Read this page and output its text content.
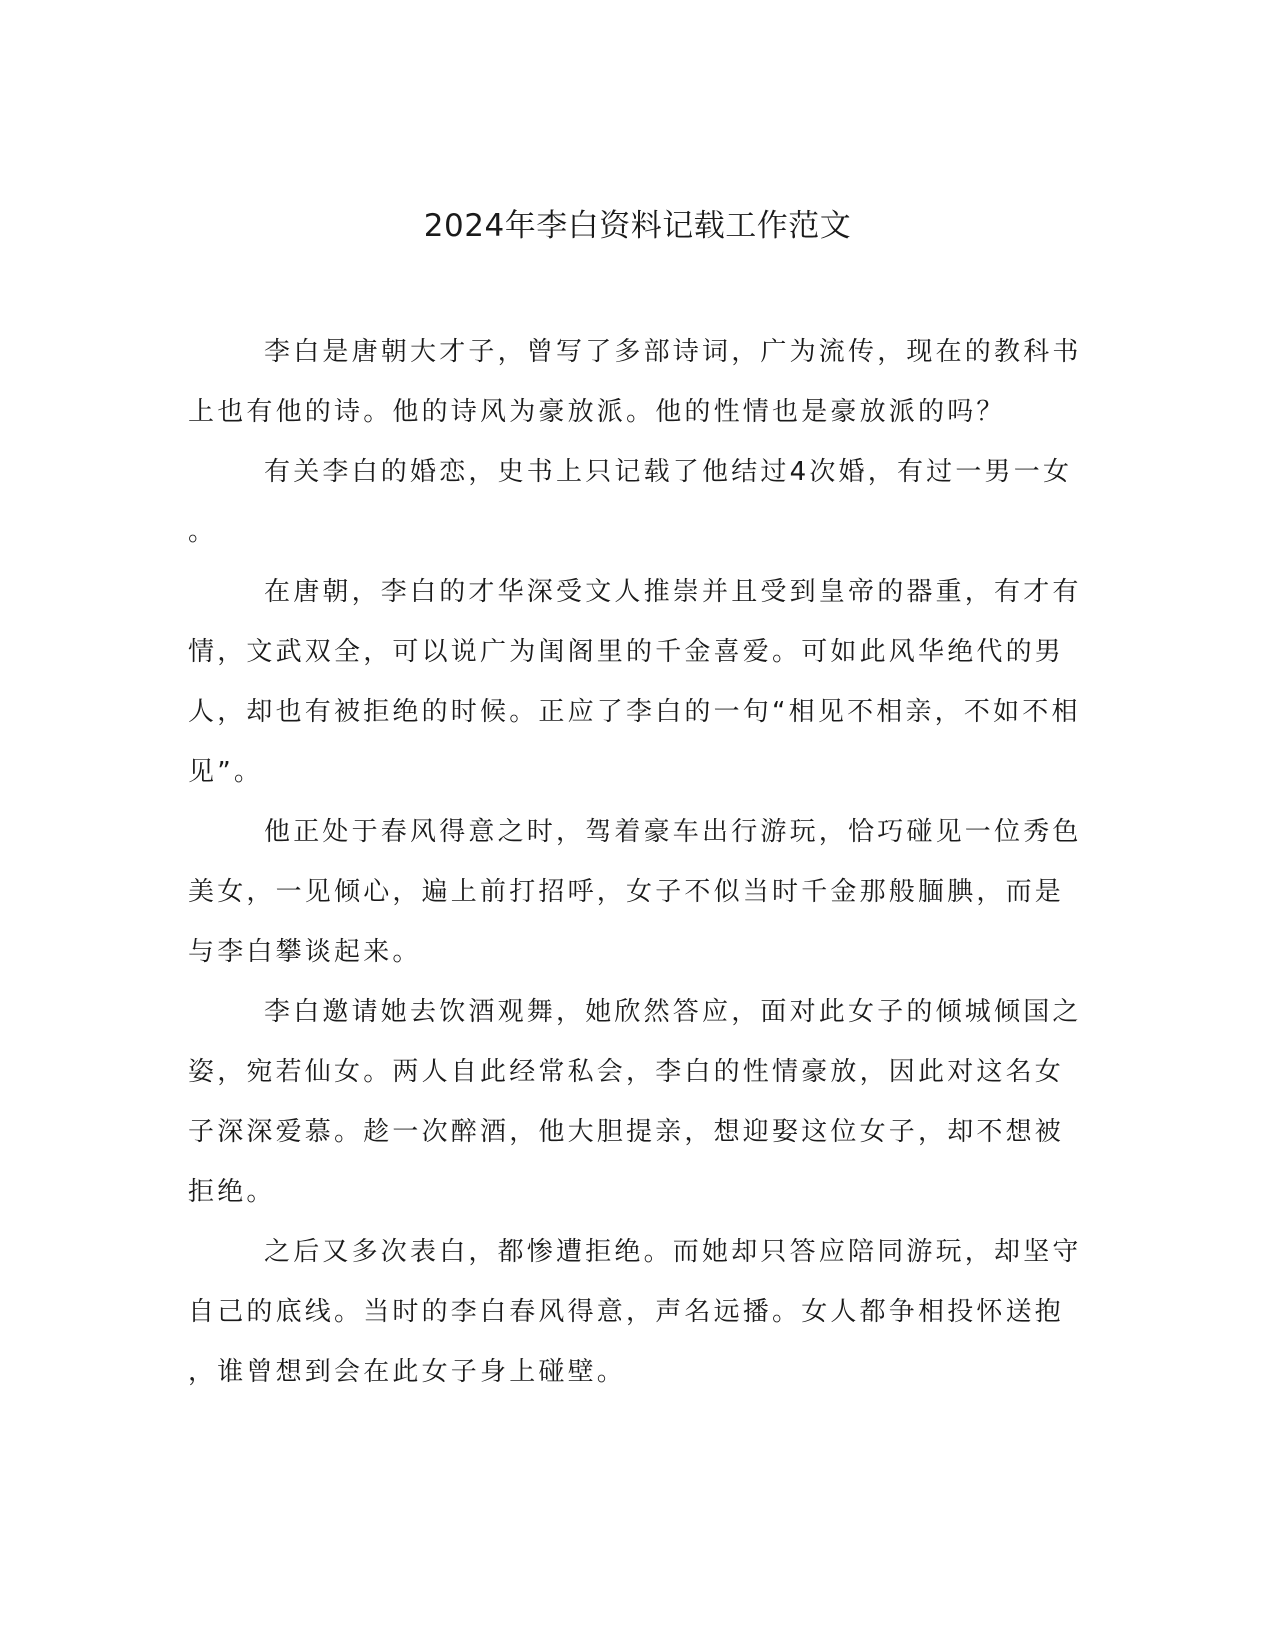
2024年李白资料记载工作范文

李白是唐朝大才子，曾写了多部诗词，广为流传，现在的教科书
上也有他的诗。他的诗风为豪放派。他的性情也是豪放派的吗？

有关李白的婚恋，史书上只记载了他结过4次婚，有过一男一女
。

在唐朝，李白的才华深受文人推崇并且受到皇帝的器重，有才有
情，文武双全，可以说广为闺阁里的千金喜爱。可如此风华绝代的男
人，却也有被拒绝的时候。正应了李白的一句“相见不相亲，不如不相
见”。

他正处于春风得意之时，驾着豪车出行游玩，恰巧碰见一位秀色
美女，一见倾心，遍上前打招呼，女子不似当时千金那般腼腆，而是
与李白攀谈起来。

李白邀请她去饮酒观舞，她欣然答应，面对此女子的倾城倾国之
姿，宛若仙女。两人自此经常私会，李白的性情豪放，因此对这名女
子深深爱慕。趁一次醉酒，他大胆提亲，想迎娶这位女子，却不想被
拒绝。

之后又多次表白，都惨遭拒绝。而她却只答应陪同游玩，却坚守
自己的底线。当时的李白春风得意，声名远播。女人都争相投怀送抱
，谁曾想到会在此女子身上碰壁。
